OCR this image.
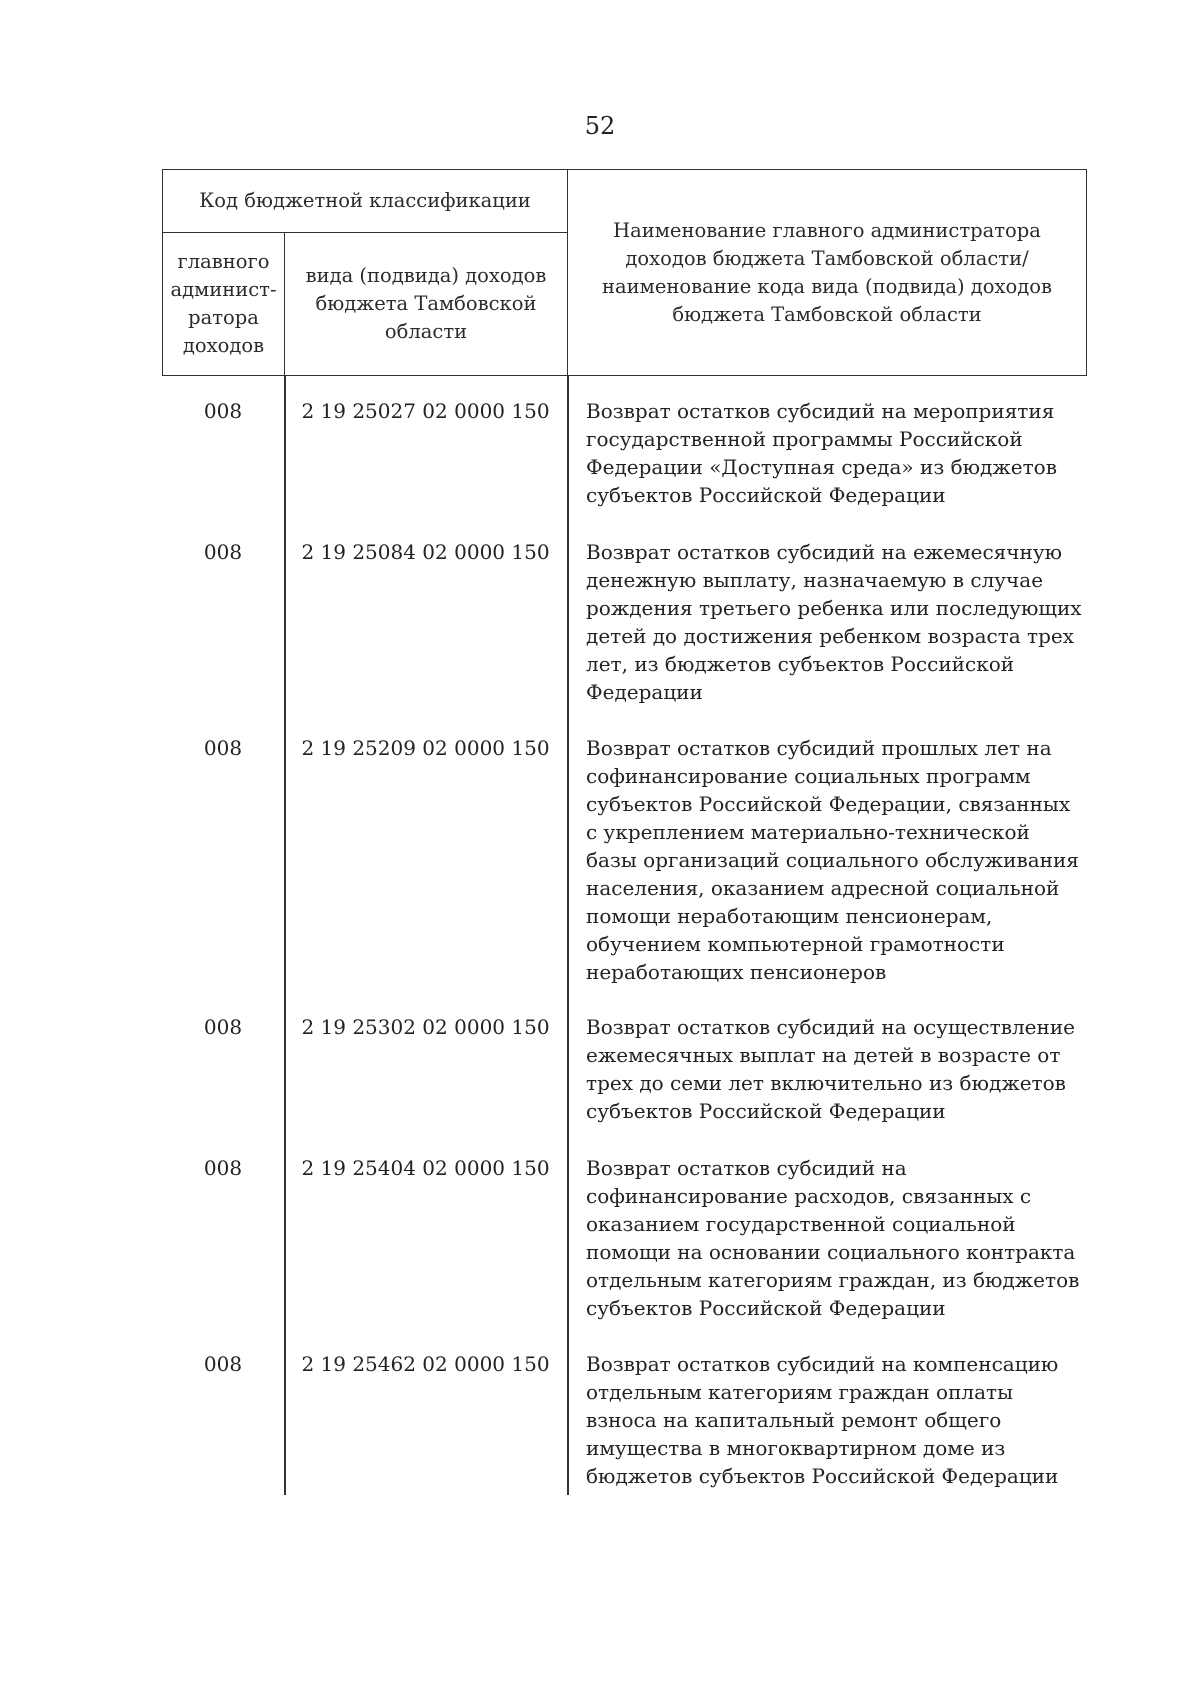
52
Код бюджетной классификации		Наименование главного администратора доходов бюджета Тамбовской области/наименование кода вида (подвида) доходов бюджета Тамбовской области
главного админист-ратора доходов	вида (подвида) доходов бюджета Тамбовской области	
008	2 19 25027 02 0000 150	Возврат остатков субсидий на мероприятия
государственной программы Российской
Федерации «Доступная среда» из бюджетов
субъектов Российской Федерации
008	2 19 25084 02 0000 150	Возврат остатков субсидий на ежемесячную
денежную выплату, назначаемую в случае
рождения третьего ребенка или последующих
детей до достижения ребенком возраста трех
лет, из бюджетов субъектов Российской
Федерации
008	2 19 25209 02 0000 150	Возврат остатков субсидий прошлых лет на
софинансирование социальных программ
субъектов Российской Федерации, связанных
с укреплением материально-технической
базы организаций социального обслуживания
населения, оказанием адресной социальной
помощи неработающим пенсионерам,
обучением компьютерной грамотности
неработающих пенсионеров
008	2 19 25302 02 0000 150	Возврат остатков субсидий на осуществление
ежемесячных выплат на детей в возрасте от
трех до семи лет включительно из бюджетов
субъектов Российской Федерации
008	2 19 25404 02 0000 150	Возврат остатков субсидий на
софинансирование расходов, связанных с
оказанием государственной социальной
помощи на основании социального контракта
отдельным категориям граждан, из бюджетов
субъектов Российской Федерации
008	2 19 25462 02 0000 150	Возврат остатков субсидий на компенсацию
отдельным категориям граждан оплаты
взноса на капитальный ремонт общего
имущества в многоквартирном доме из
бюджетов субъектов Российской Федерации
